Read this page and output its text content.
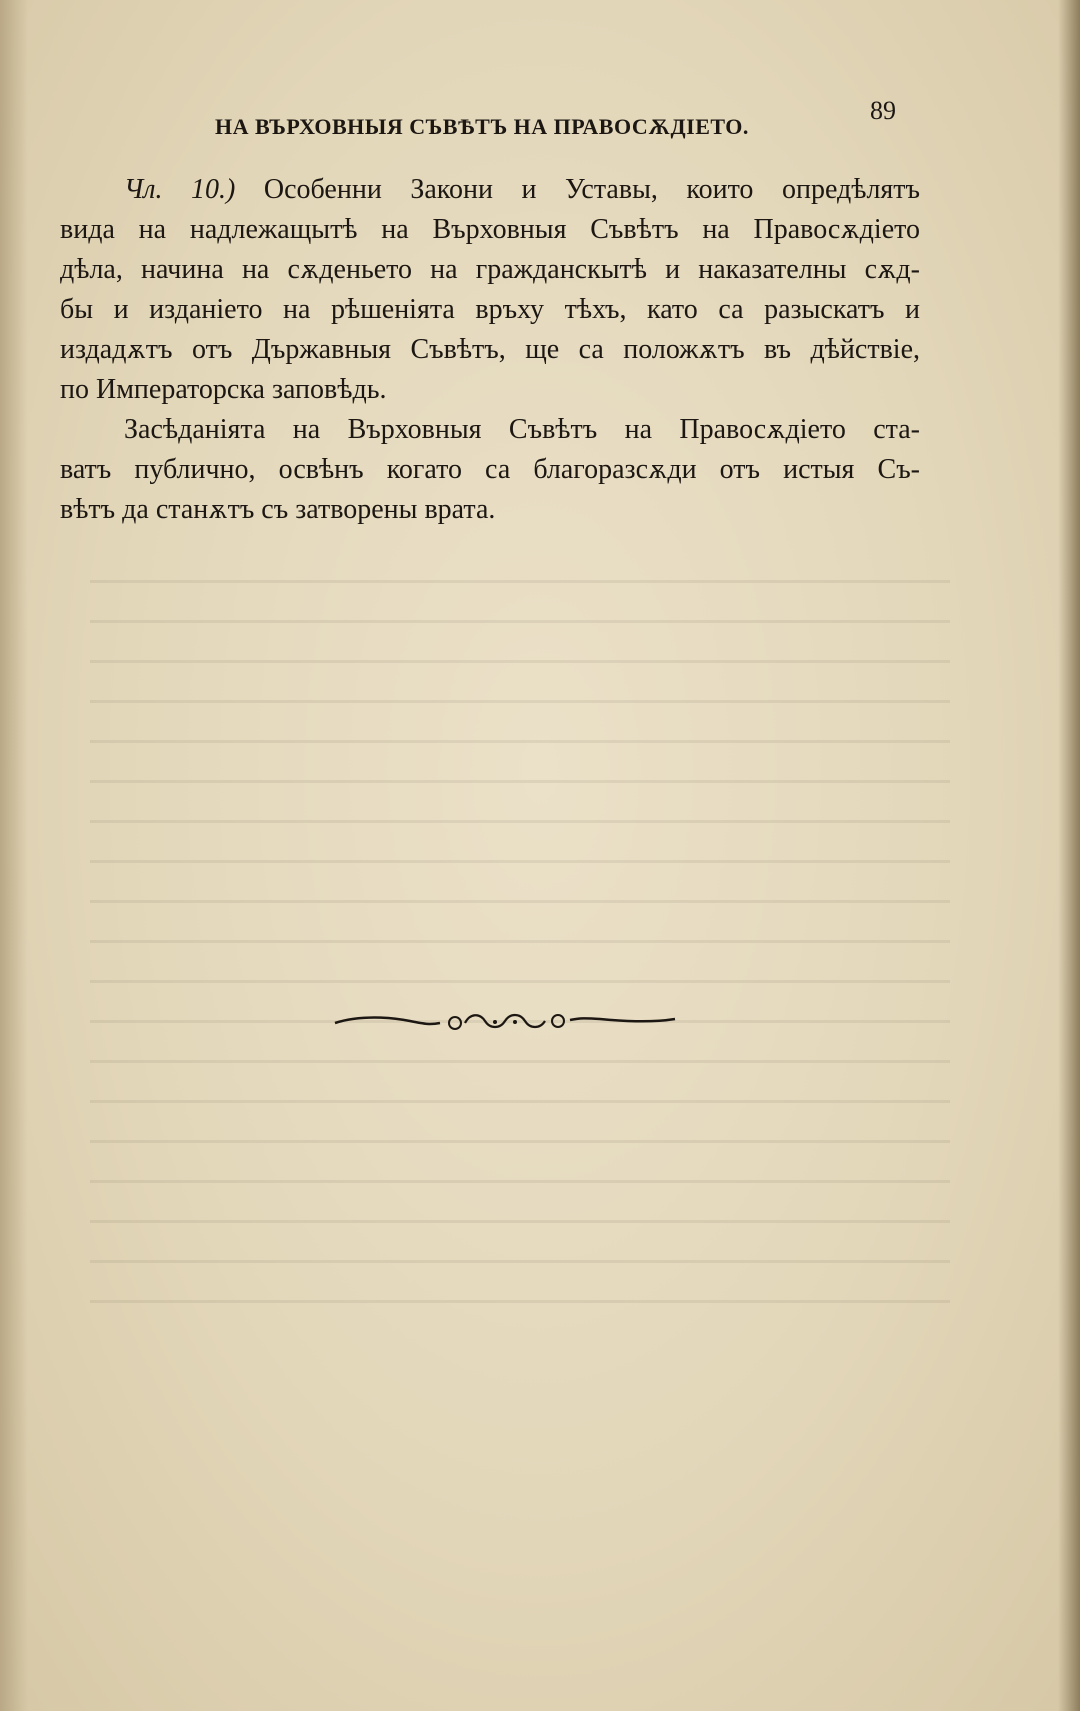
НА ВЪРХОВНЫЯ СЪВѢТЪ НА ПРАВОСѪДІЕТО.
89
Чл. 10.) Особенни Закони и Уставы, които опредѣлятъ
вида на надлежащытѣ на Върховныя Съвѣтъ на Правосѫдіето
дѣла, начина на сѫденьето на гражданскытѣ и наказателны сѫд-
бы и изданіето на рѣшеніята връху тѣхъ, като са разыскатъ и
издадѫтъ отъ Държавныя Съвѣтъ, ще са положѫтъ въ дѣйствіе,
по Императорска заповѣдь.
Засѣданіята на Върховныя Съвѣтъ на Правосѫдіето ста-
ватъ публично, освѣнъ когато са благоразсѫди отъ истыя Съ-
вѣтъ да станѫтъ съ затворены врата.
